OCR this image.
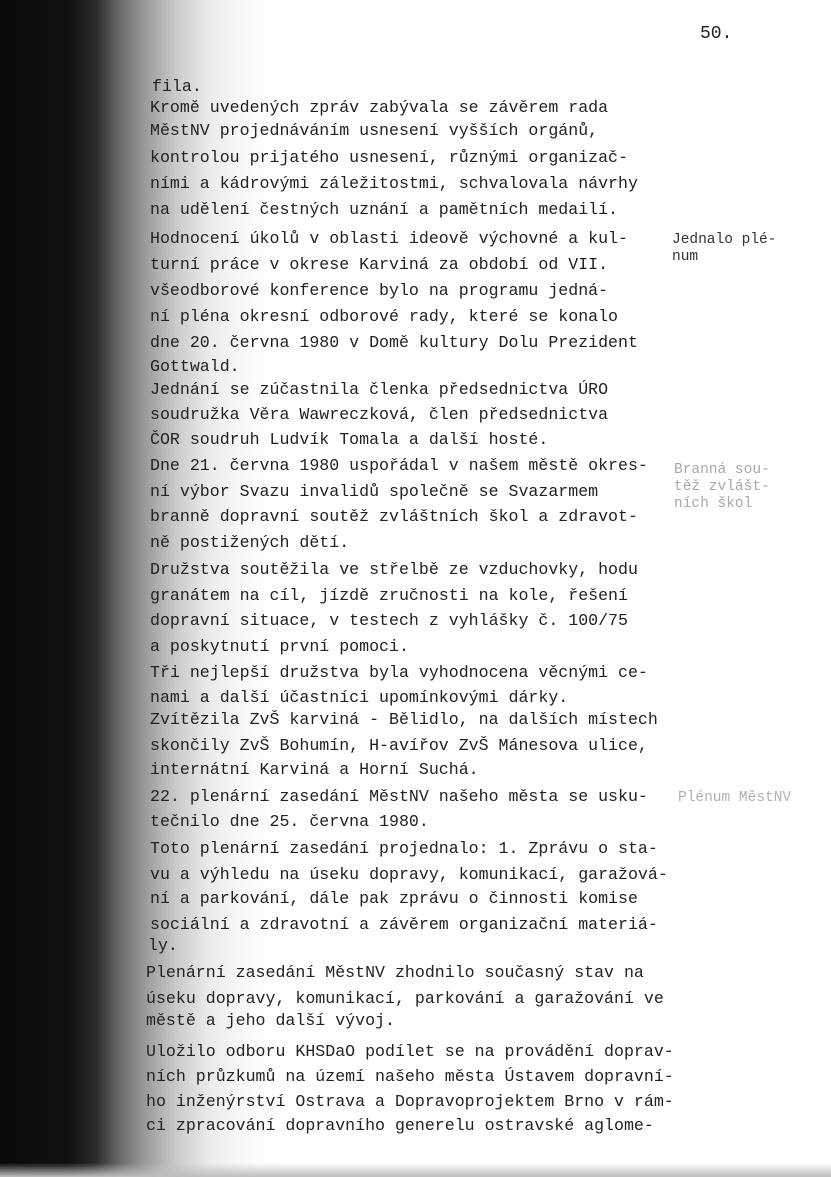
50.
fila.
Kromě uvedených zpráv zabývala se závěrem rada
MěstNV projednáváním usnesení vyšších orgánů,
kontrolou prijatého usnesení, různými organizač-
ními a kádrovými záležitostmi, schvalovala návrhy
na udělení čestných uznání a pamětních medailí.
Hodnocení úkolů v oblasti ideově výchovné a kul-
turní práce v okrese Karviná za období od VII.
všeodborové konference bylo na programu jedná-
ní pléna okresní odborové rady, které se konalo
dne 20. června 1980 v Domě kultury Dolu Prezident
Gottwald.
Jednání se zúčastnila členka předsednictva ÚRO
soudružka Věra Wawreczková, člen předsednictva
ČOR soudruh Ludvík Tomala a další hosté.
Dne 21. června 1980 uspořádal v našem městě okres-
ní výbor Svazu invalidů společně se Svazarmem
branně dopravní soutěž zvláštních škol a zdravot-
ně postižených dětí.
Družstva soutěžila ve střelbě ze vzduchovky, hodu
granátem na cíl, jízdě zručnosti na kole, řešení
dopravní situace, v testech z vyhlášky č. 100/75
a poskytnutí první pomoci.
Tři nejlepší družstva byla vyhodnocena věcnými ce-
nami a další účastníci upomínkovými dárky.
Zvítězila ZvŠ karviná - Bělidlo, na dalších místech
skončily ZvŠ Bohumín, H-avířov ZvŠ Mánesova ulice,
internátní Karviná a Horní Suchá.
22. plenární zasedání MěstNV našeho města se usku-
tečnilo dne 25. června 1980.
Toto plenární zasedání projednalo: 1. Zprávu o sta-
vu a výhledu na úseku dopravy, komunikací, garažová-
ní a parkování, dále pak zprávu o činnosti komise
sociální a zdravotní a závěrem organizační materiá-
ly.
Plenární zasedání MěstNV zhodnilo současný stav na
úseku dopravy, komunikací, parkování a garažování ve
městě a jeho další vývoj.
Uložilo odboru KHSDaO podílet se na provádění doprav-
ních průzkumů na území našeho města Ústavem dopravní-
ho inženýrství Ostrava a Dopravoprojektem Brno v rám-
ci zpracování dopravního generelu ostravské aglome-
Jednalo plé-
num
Branná sou-
těž zvlášt-
ních škol
Plénum MěstNV
